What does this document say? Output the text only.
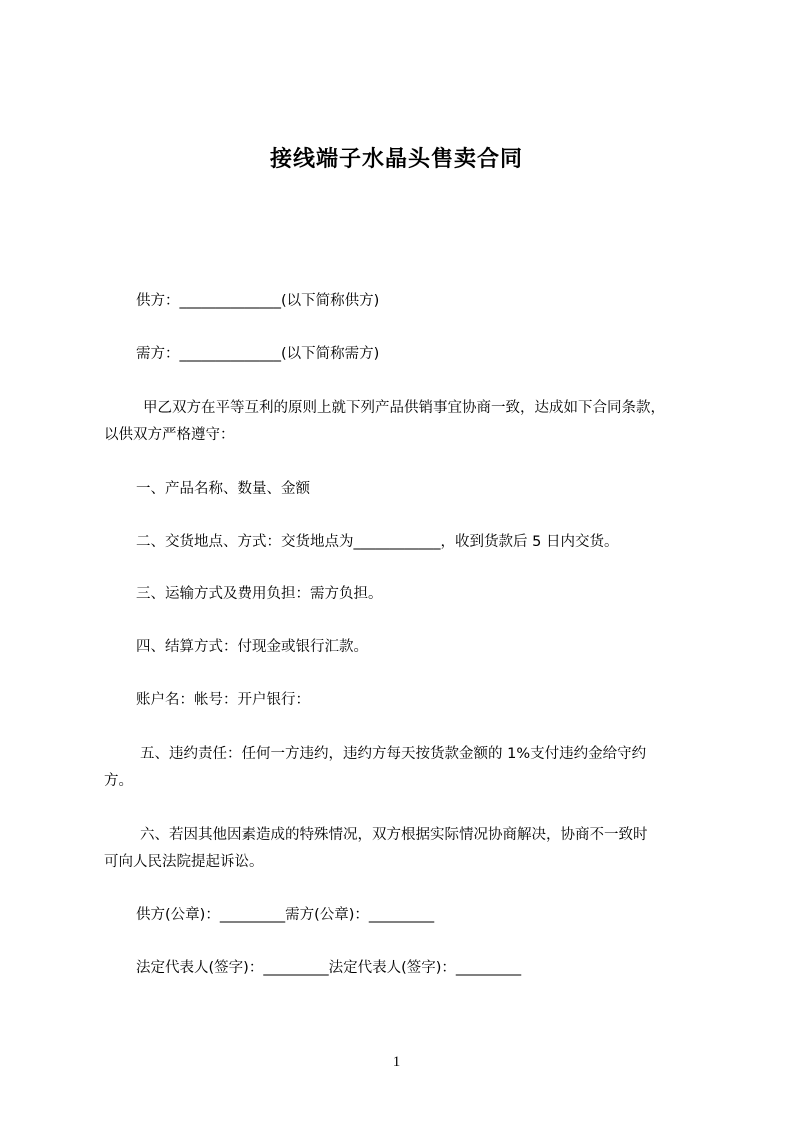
接线端子水晶头售卖合同
供方：______________(以下简称供方)
需方：______________(以下简称需方)
甲乙双方在平等互利的原则上就下列产品供销事宜协商一致，达成如下合同条款，
以供双方严格遵守：
一、产品名称、数量、金额
二、交货地点、方式：交货地点为____________，收到货款后 5 日内交货。
三、运输方式及费用负担：需方负担。
四、结算方式：付现金或银行汇款。
账户名：帐号：开户银行：
五、违约责任：任何一方违约，违约方每天按货款金额的 1%支付违约金给守约
方。
六、若因其他因素造成的特殊情况，双方根据实际情况协商解决，协商不一致时
可向人民法院提起诉讼。
供方(公章)：_________需方(公章)：_________
法定代表人(签字)：_________法定代表人(签字)：_________
1
